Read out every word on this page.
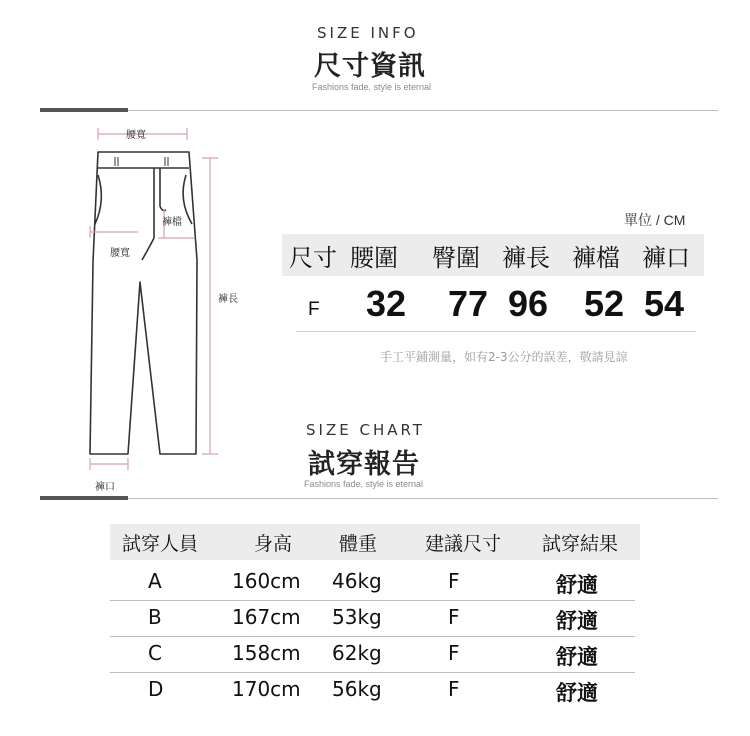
SIZE INFO
尺寸資訊
Fashions fade, style is eternal
腰寬
褲檔
腰寬
褲長
褲口
單位 / CM
尺寸 腰圍 臀圍 褲長 褲檔 褲口
F 32 77 96 52 54
手工平鋪測量，如有2-3公分的誤差，敬請見諒
SIZE CHART
試穿報告
Fashions fade, style is eternal
試穿人員	身高 體重	建議尺寸 試穿結果
A	160cm 46kg	F	舒適
B	167cm 53kg	F	舒適
C	158cm 62kg	F	舒適
D	170cm 56kg	F	舒適
